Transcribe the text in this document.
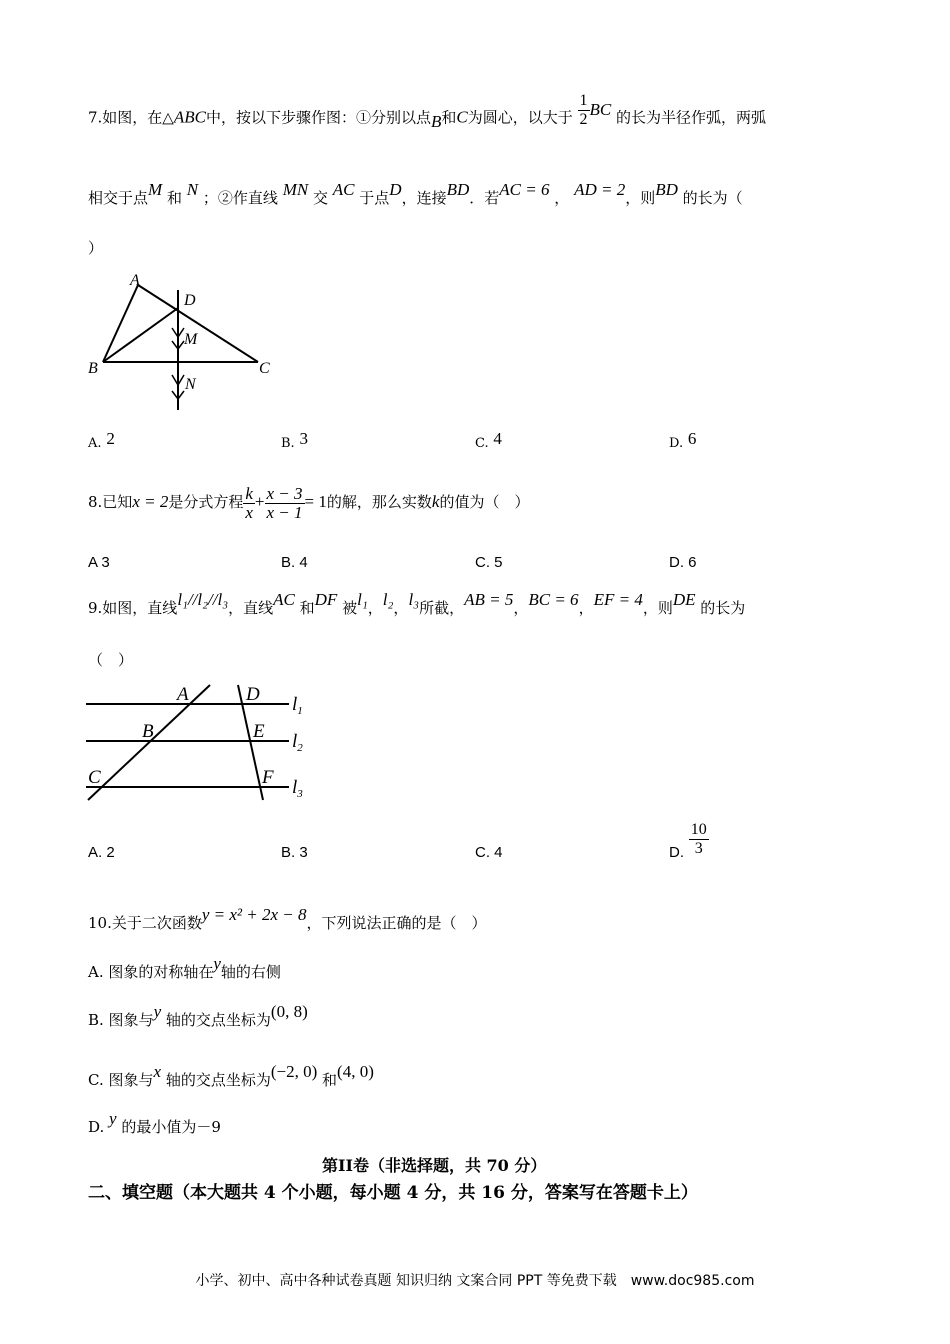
7.如图，在△ABC中，按以下步骤作图：①分别以点B和C为圆心，以大于 $\frac{1}{2}$ BC 的长为半径作弧，两弧
相交于点M 和 N ；②作直线 MN 交 AC 于点D，连接BD．若AC = 6 ， AD = 2，则BD 的长为（
）
A
D
M
B	C
N
A. 2	B. 3	C. 4	D. 6
8.已知x = 2是分式方程 $\frac{k}{x} + \frac{x - 3}{x - 1} = 1$的解，那么实数k的值为（　）
A 3	B. 4	C. 5	D. 6
9.如图，直线l₁//l₂//l₃，直线AC 和DF 被l₁，l₂，l₃所截，AB = 5，BC = 6，EF = 4，则DE 的长为
（　）
A	D
B	E
C	F
$l_1$
$l_2$
$l_3$
A. 2	B. 3	C. 4	D. $\frac{10}{3}$
10.关于二次函数y = x² + 2x − 8，下列说法正确的是（　）
A. 图象的对称轴在y轴的右侧
B. 图象与y 轴的交点坐标为(0, 8)
C. 图象与x 轴的交点坐标为(−2, 0) 和(4, 0)
D. y 的最小值为－9
第II卷（非选择题，共 70 分）
二、填空题（本大题共 4 个小题，每小题 4 分，共 16 分，答案写在答题卡上）
小学、初中、高中各种试卷真题 知识归纳 文案合同 PPT 等免费下载　www.doc985.com
